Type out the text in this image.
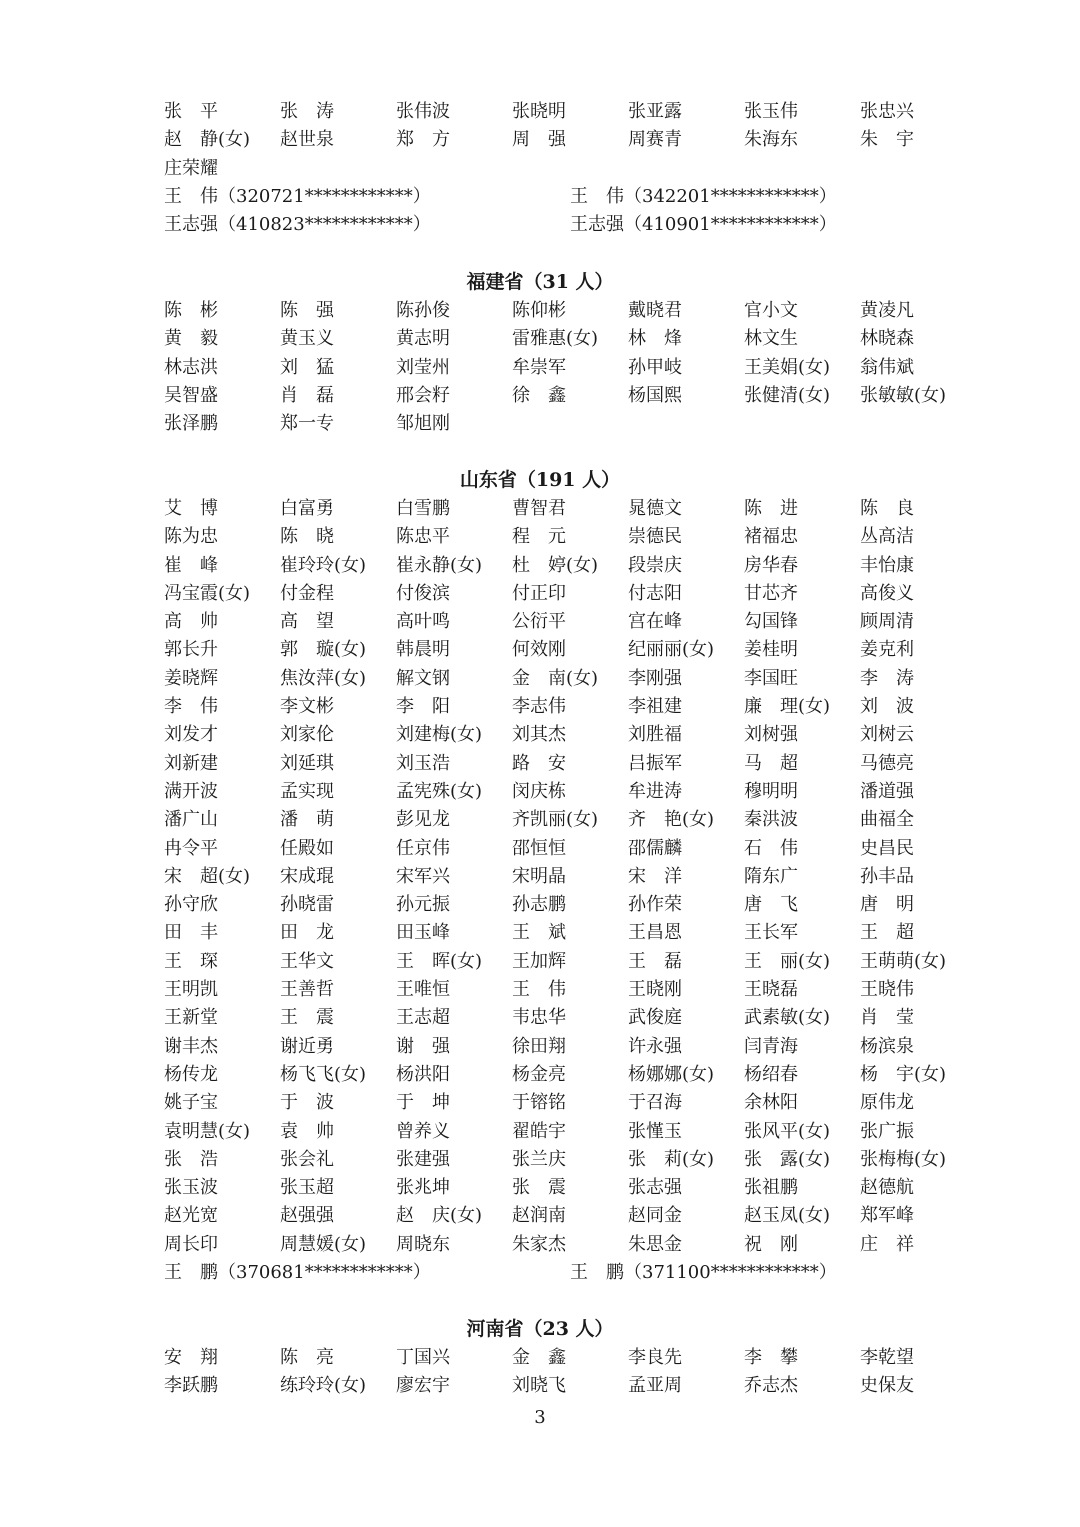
张　平	张　涛	张伟波	张晓明	张亚露	张玉伟	张忠兴
赵　静(女) 赵世泉	郑　方	周　强	周赛青	朱海东	朱　宇
庄荣耀
王　伟（320721************）	王　伟（342201************）
王志强（410823************）	王志强（410901************）
福建省（31 人）
陈　彬	陈　强	陈孙俊	陈仰彬	戴晓君	官小文	黄凌凡
黄　毅	黄玉义	黄志明	雷雅惠(女) 林　烽	林文生	林晓森
林志洪	刘　猛	刘莹州	牟崇军	孙甲岐	王美娟(女) 翁伟斌
吴智盛	肖　磊	邢会籽	徐　鑫	杨国熙	张健清(女) 张敏敏(女)
张泽鹏	郑一专	邹旭刚
山东省（191 人）
艾　博	白富勇	白雪鹏	曹智君	晁德文	陈　进	陈　良
陈为忠	陈　晓	陈忠平	程　元	崇德民	褚福忠	丛高洁
崔　峰	崔玲玲(女) 崔永静(女) 杜　婷(女) 段崇庆	房华春	丰怡康
冯宝霞(女) 付金程	付俊滨	付正印	付志阳	甘芯齐	高俊义
高　帅	高　望	高叶鸣	公衍平	宫在峰	勾国锋	顾周清
郭长升	郭　璇(女) 韩晨明	何效刚	纪丽丽(女) 姜桂明	姜克利
姜晓辉	焦汝萍(女) 解文钢	金　南(女) 李刚强	李国旺	李　涛
李　伟	李文彬	李　阳	李志伟	李祖建	廉　理(女) 刘　波
刘发才	刘家伦	刘建梅(女) 刘其杰	刘胜福	刘树强	刘树云
刘新建	刘延琪	刘玉浩	路　安	吕振军	马　超	马德亮
满开波	孟实现	孟宪殊(女) 闵庆栋	牟进涛	穆明明	潘道强
潘广山	潘　萌	彭见龙	齐凯丽(女) 齐　艳(女) 秦洪波	曲福全
冉令平	任殿如	任京伟	邵恒恒	邵儒麟	石　伟	史昌民
宋　超(女) 宋成琨	宋军兴	宋明晶	宋　洋	隋东广	孙丰品
孙守欣	孙晓雷	孙元振	孙志鹏	孙作荣	唐　飞	唐　明
田　丰	田　龙	田玉峰	王　斌	王昌恩	王长军	王　超
王　琛	王华文	王　晖(女) 王加辉	王　磊	王　丽(女) 王萌萌(女)
王明凯	王善哲	王唯恒	王　伟	王晓刚	王晓磊	王晓伟
王新堂	王　震	王志超	韦忠华	武俊庭	武素敏(女) 肖　莹
谢丰杰	谢近勇	谢　强	徐田翔	许永强	闫青海	杨滨泉
杨传龙	杨飞飞(女) 杨洪阳	杨金亮	杨娜娜(女) 杨绍春	杨　宇(女)
姚子宝	于　波	于　坤	于镕铭	于召海	余林阳	原伟龙
袁明慧(女) 袁　帅	曾养义	翟皓宇	张慬玉	张风平(女) 张广振
张　浩	张会礼	张建强	张兰庆	张　莉(女) 张　露(女) 张梅梅(女)
张玉波	张玉超	张兆坤	张　震	张志强	张祖鹏	赵德航
赵光宽	赵强强	赵　庆(女) 赵润南	赵同金	赵玉凤(女) 郑军峰
周长印	周慧媛(女) 周晓东	朱家杰	朱思金	祝　刚	庄　祥
王　鹏（370681************）	王　鹏（371100************）
河南省（23 人）
安　翔	陈　亮	丁国兴	金　鑫	李良先	李　攀	李乾望
李跃鹏	练玲玲(女) 廖宏宇	刘晓飞	孟亚周	乔志杰	史保友
3
